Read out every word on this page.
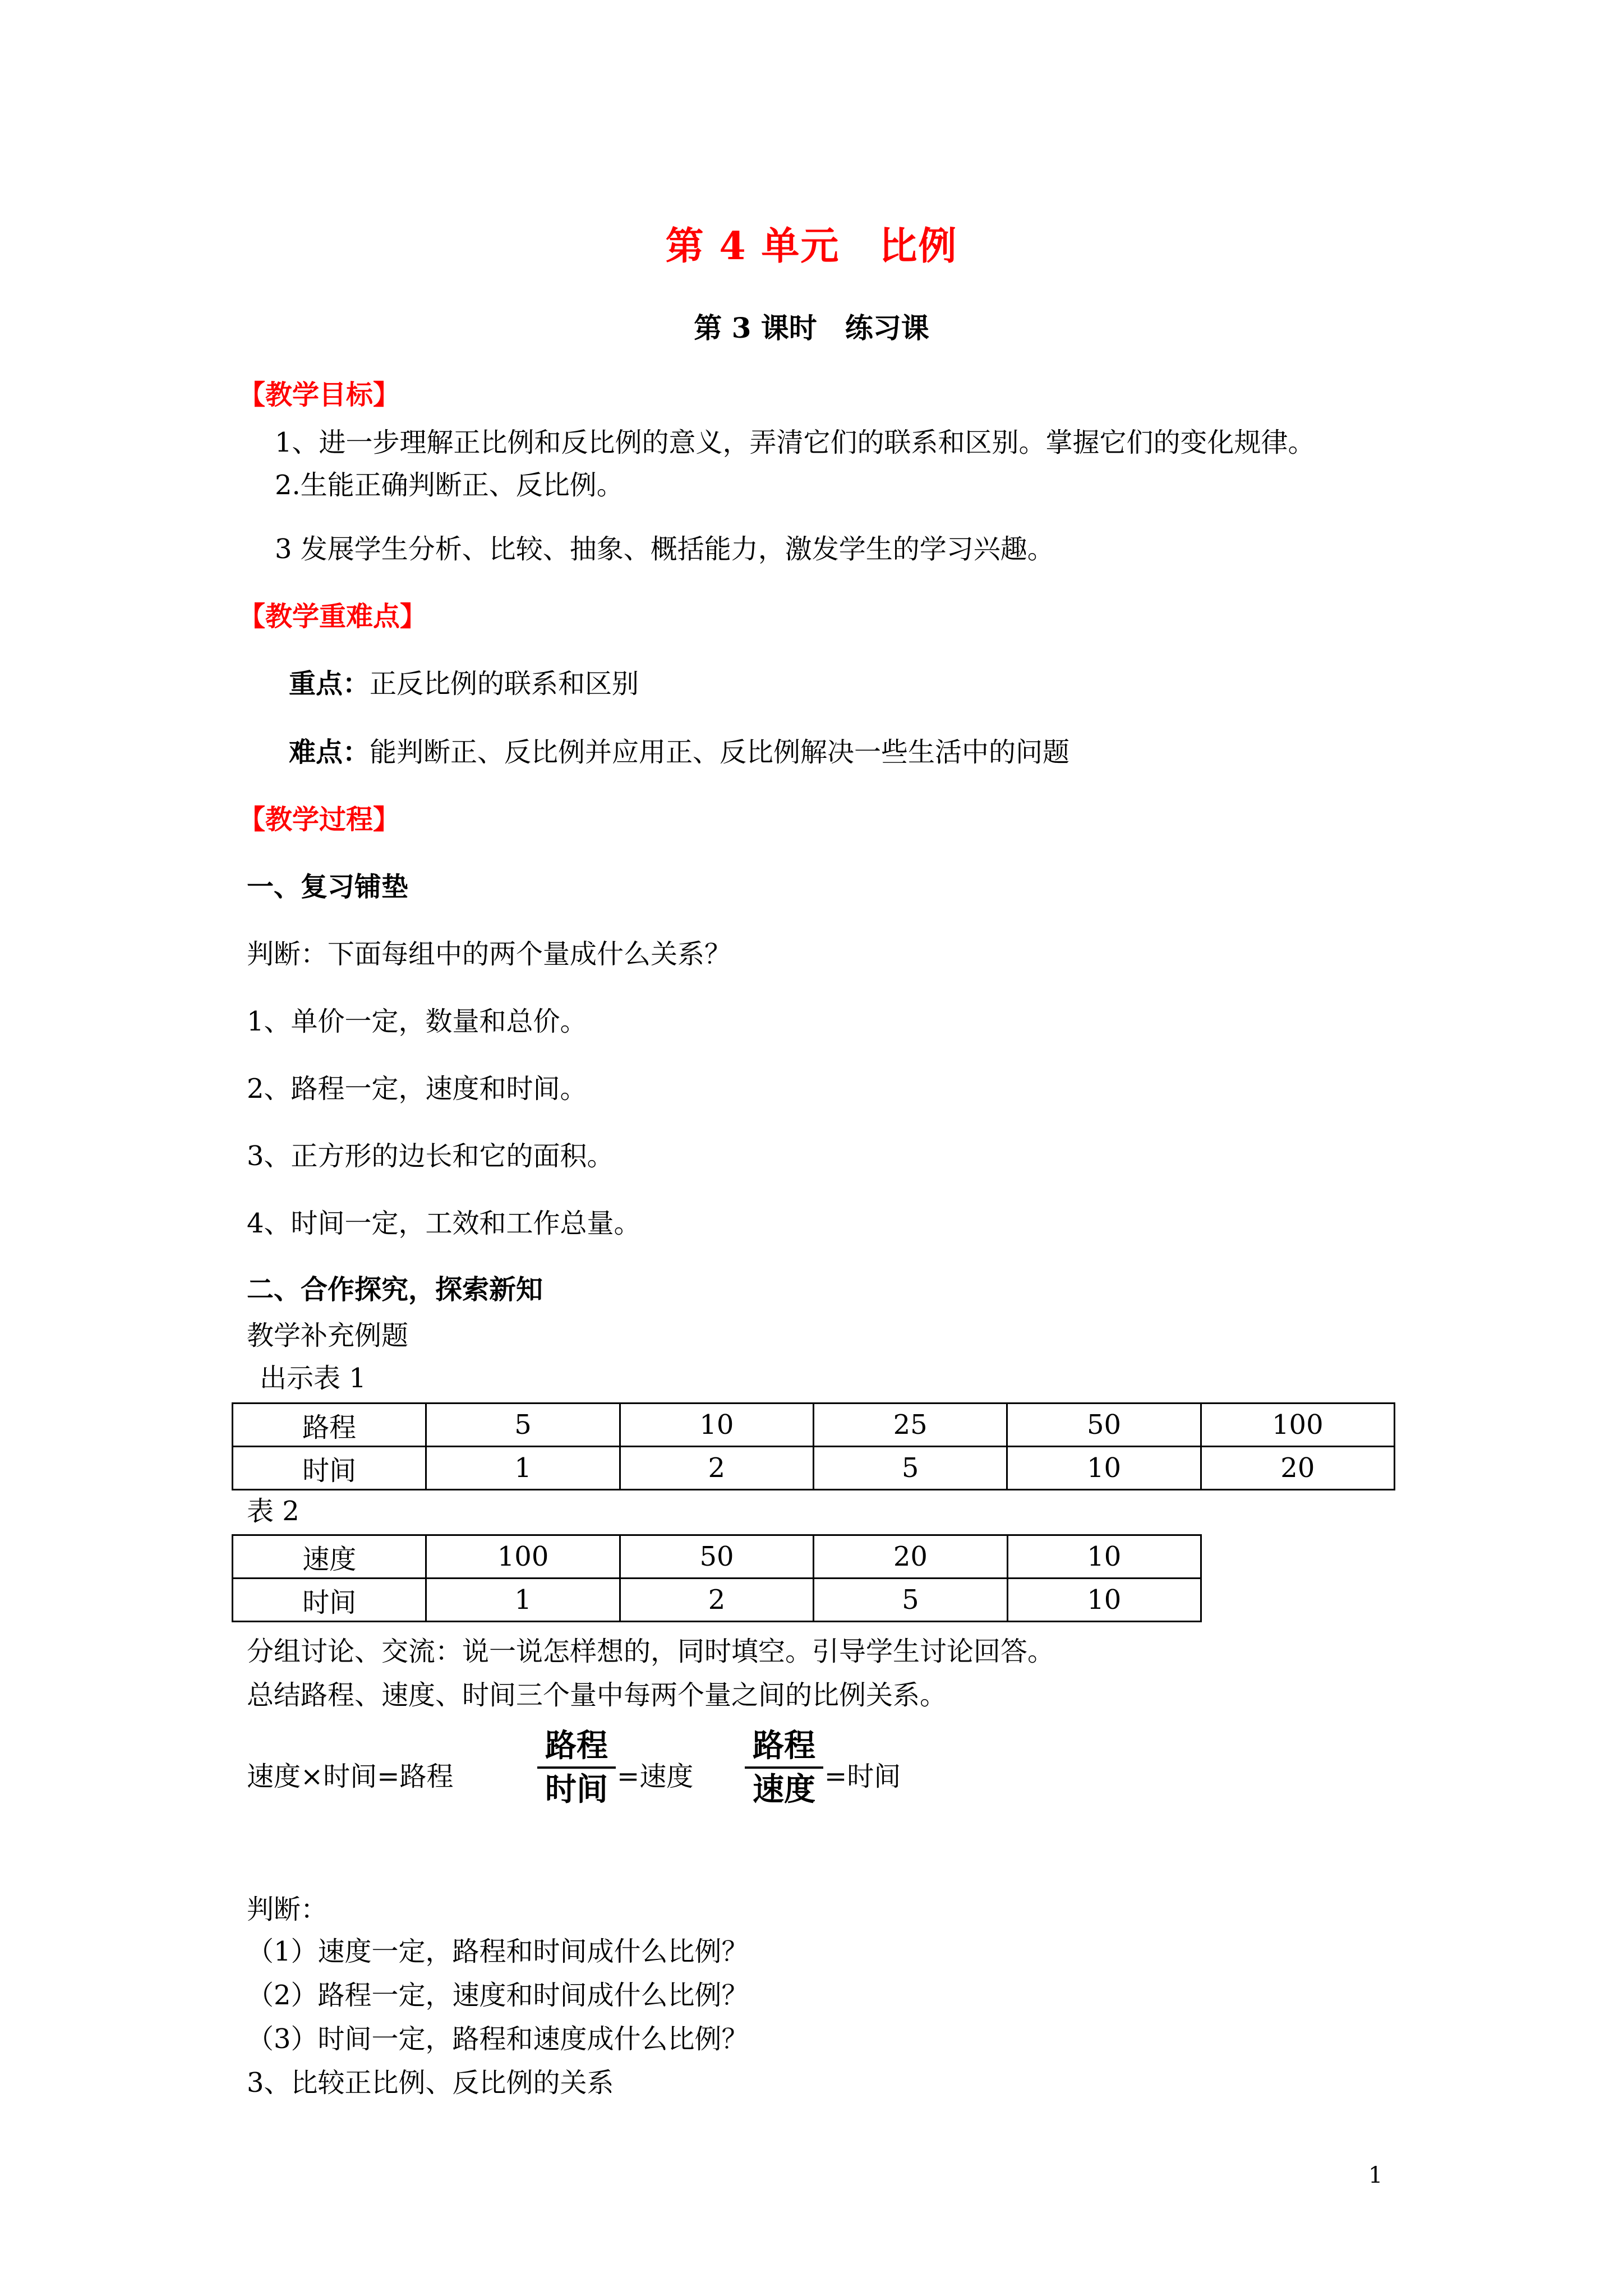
第 4 单元　比例
第 3 课时　练习课
【教学目标】
1、进一步理解正比例和反比例的意义，弄清它们的联系和区别。掌握它们的变化规律。
2.生能正确判断正、反比例。
3 发展学生分析、比较、抽象、概括能力，激发学生的学习兴趣。
【教学重难点】
重点：正反比例的联系和区别
难点：能判断正、反比例并应用正、反比例解决一些生活中的问题
【教学过程】
一、复习铺垫
判断：下面每组中的两个量成什么关系？
1、单价一定，数量和总价。
2、路程一定，速度和时间。
3、正方形的边长和它的面积。
4、时间一定，工效和工作总量。
二、合作探究，探索新知
教学补充例题
出示表 1
路程	5	10	25	50	100
时间	1	2	5	10	20
表 2
速度	100	50	20	10
时间	1	2	5	10
分组讨论、交流：说一说怎样想的，同时填空。引导学生讨论回答。
总结路程、速度、时间三个量中每两个量之间的比例关系。
速度×时间=路程
路程
时间 =速度
路程
速度 =时间
判断：
（1）速度一定，路程和时间成什么比例？
（2）路程一定，速度和时间成什么比例？
（3）时间一定，路程和速度成什么比例？
3、比较正比例、反比例的关系
1
